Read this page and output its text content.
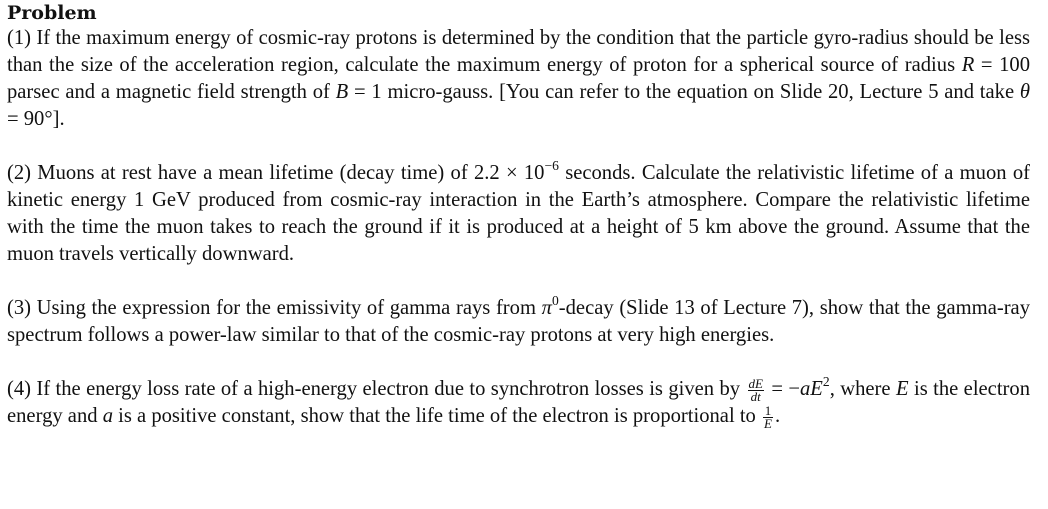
Problem

(1) If the maximum energy of cosmic-ray protons is determined by the condition that the particle gyro-radius should be less than the size of the acceleration region, calculate the maximum energy of proton for a spherical source of radius R = 100 parsec and a magnetic field strength of B = 1 micro-gauss. [You can refer to the equation on Slide 20, Lecture 5 and take θ = 90°].

(2) Muons at rest have a mean lifetime (decay time) of $2.2 \times 10^{-6}$ seconds. Calculate the relativistic lifetime of a muon of kinetic energy 1 GeV produced from cosmic-ray interaction in the Earth’s atmosphere. Compare the relativistic lifetime with the time the muon takes to reach the ground if it is produced at a height of 5 km above the ground. Assume that the muon travels vertically downward.

(3) Using the expression for the emissivity of gamma rays from $\pi^0$-decay (Slide 13 of Lecture 7), show that the gamma-ray spectrum follows a power-law similar to that of the cosmic-ray protons at very high energies.

(4) If the energy loss rate of a high-energy electron due to synchrotron losses is given by $\frac{dE}{dt} = -aE^2$, where E is the electron energy and a is a positive constant, show that the life time of the electron is proportional to $\frac{1}{E}$ .
